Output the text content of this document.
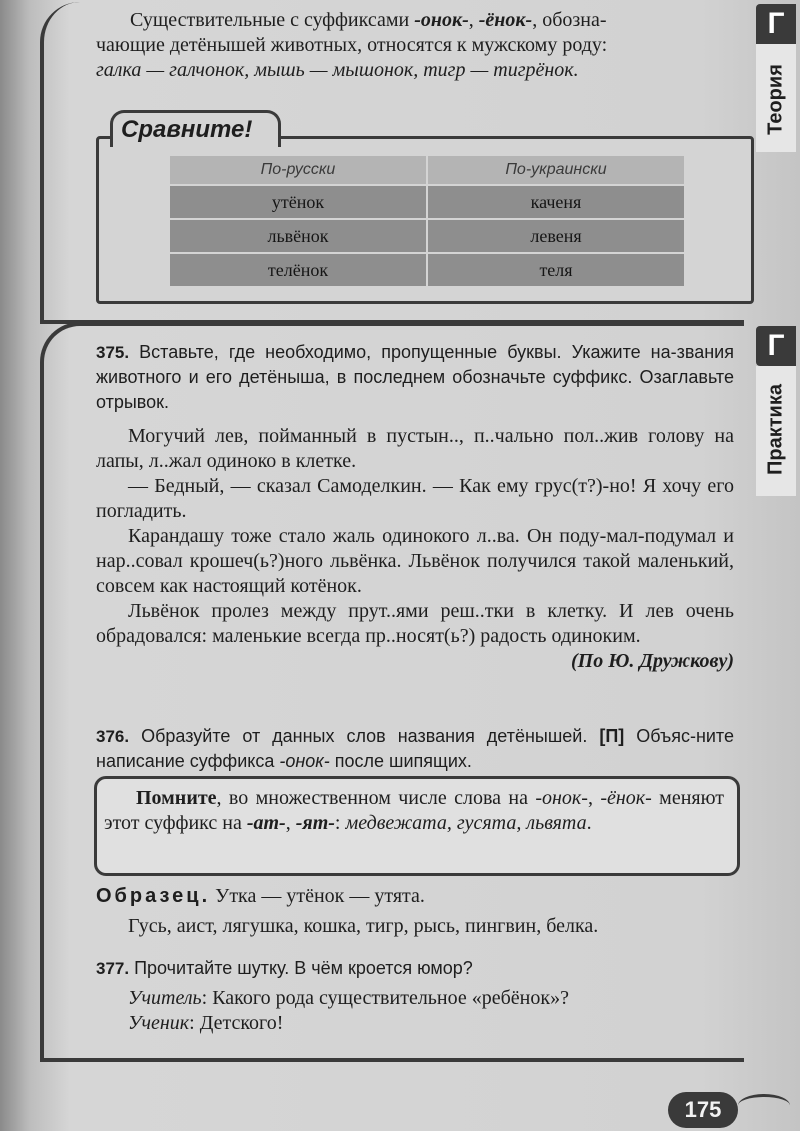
Г
Теория
Г
Практика

Существительные с суффиксами -онок-, -ёнок-, обозна-

чающие детёнышей животных, относятся к мужскому роду:

галка — галчонок, мышь — мышонок, тигр — тигрёнок.

Сравните!
По-русски	По-украински
утёнок	каченя
львёнок	левеня
телёнок	теля

375. Вставьте, где необходимо, пропущенные буквы. Укажите на-звания животного и его детёныша, в последнем обозначьте суффикс. Озаглавьте отрывок.

Могучий лев, пойманный в пустын.., п..чально пол..жив голову на лапы, л..жал одиноко в клетке.

— Бедный, — сказал Самоделкин. — Как ему грус(т?)-но! Я хочу его погладить.

Карандашу тоже стало жаль одинокого л..ва. Он поду-мал-подумал и нар..совал крошеч(ь?)ного львёнка. Львёнок получился такой маленький, совсем как настоящий котёнок.

Львёнок пролез между прут..ями реш..тки в клетку. И лев очень обрадовался: маленькие всегда пр..носят(ь?) радость одиноким.

(По Ю. Дружкову)

376. Образуйте от данных слов названия детёнышей. [П] Объяс-ните написание суффикса -онок- после шипящих.

Помните, во множественном числе слова на -онок-, -ёнок- меняют этот суффикс на -ат-, -ят-: медвежата, гусята, львята.

Образец. Утка — утёнок — утята.

Гусь, аист, лягушка, кошка, тигр, рысь, пингвин, белка.

377. Прочитайте шутку. В чём кроется юмор?

Учитель: Какого рода существительное «ребёнок»?

Ученик: Детского!

175
